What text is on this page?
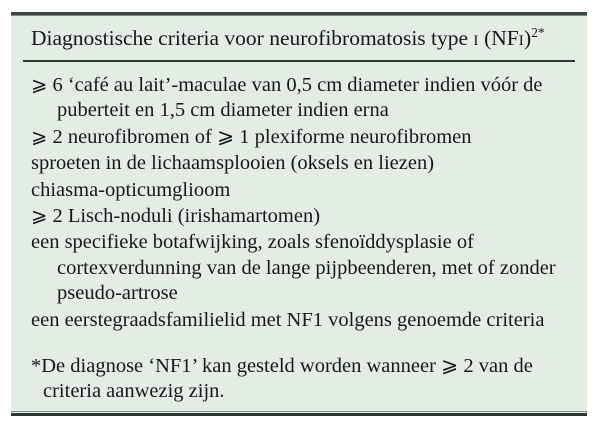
Diagnostische criteria voor neurofibromatosis type i (NFi)$^{2*}$

⩾ 6 ‘café au lait’-maculae van 0,5 cm diameter indien vóór de puberteit en 1,5 cm diameter indien erna

⩾ 2 neurofibromen of ⩾ 1 plexiforme neurofibromen

sproeten in de lichaamsplooien (oksels en liezen)

chiasma-opticumglioom

⩾ 2 Lisch-noduli (irishamartomen)

een specifieke botafwijking, zoals sfenoïddysplasie of cortexverdunning van de lange pijpbeenderen, met of zonder pseudo-artrose

een eerstegraadsfamilielid met NF1 volgens genoemde criteria

*De diagnose ‘NF1’ kan gesteld worden wanneer ⩾ 2 van de criteria aanwezig zijn.
